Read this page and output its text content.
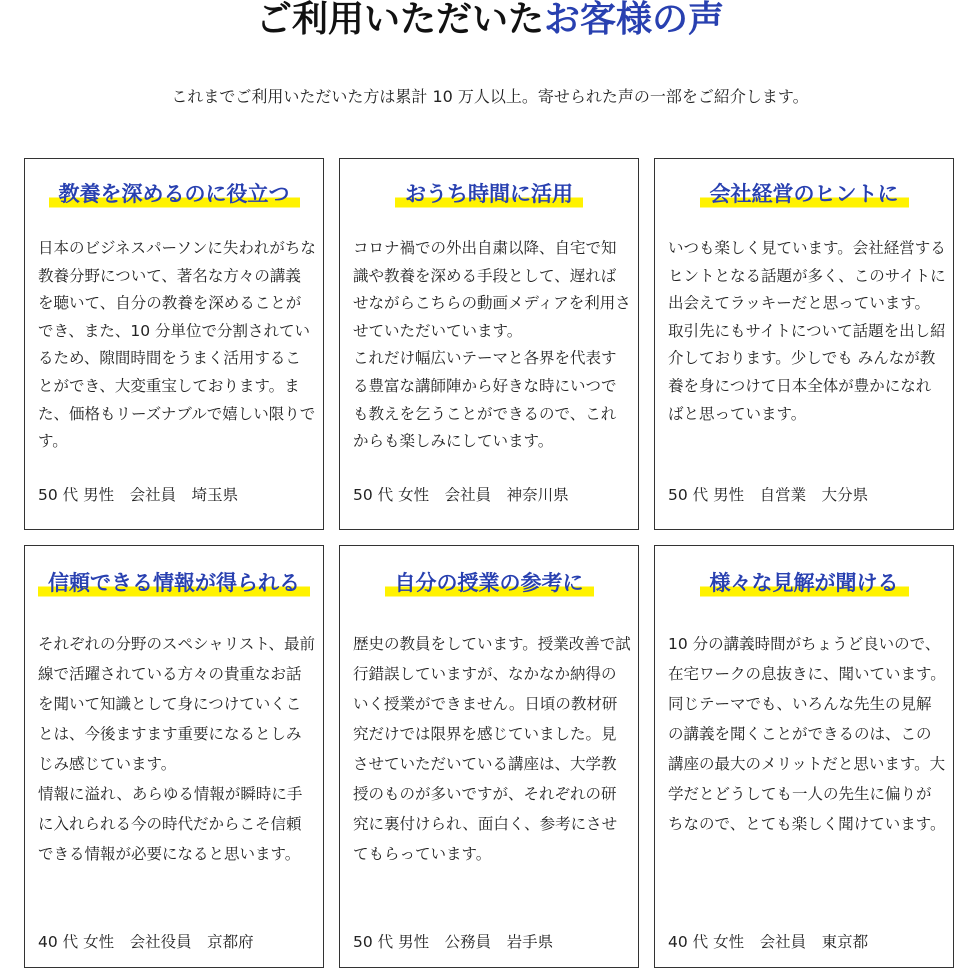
ご利用いただいたお客様の声

これまでご利用いただいた方は累計 10 万人以上。寄せられた声の一部をご紹介します。

教養を深めるのに役立つ

日本のビジネスパーソンに失われがちな教養分野について、著名な方々の講義を聴いて、自分の教養を深めることができ、また、10 分単位で分割されているため、隙間時間をうまく活用することができ、大変重宝しております。また、価格もリーズナブルで嬉しい限りです。

50 代 男性　会社員　埼玉県

おうち時間に活用

コロナ禍での外出自粛以降、自宅で知識や教養を深める手段として、遅ればせながらこちらの動画メディアを利用させていただいています。
これだけ幅広いテーマと各界を代表する豊富な講師陣から好きな時にいつでも教えを乞うことができるので、これからも楽しみにしています。

50 代 女性　会社員　神奈川県

会社経営のヒントに

いつも楽しく見ています。会社経営するヒントとなる話題が多く、このサイトに出会えてラッキーだと思っています。
取引先にもサイトについて話題を出し紹介しております。少しでも みんなが教養を身につけて日本全体が豊かになればと思っています。

50 代 男性　自営業　大分県

信頼できる情報が得られる

それぞれの分野のスペシャリスト、最前線で活躍されている方々の貴重なお話を聞いて知識として身につけていくことは、今後ますます重要になるとしみじみ感じています。
情報に溢れ、あらゆる情報が瞬時に手に入れられる今の時代だからこそ信頼できる情報が必要になると思います。

40 代 女性　会社役員　京都府

自分の授業の参考に

歴史の教員をしています。授業改善で試行錯誤していますが、なかなか納得のいく授業ができません。日頃の教材研究だけでは限界を感じていました。見させていただいている講座は、大学教授のものが多いですが、それぞれの研究に裏付けられ、面白く、参考にさせてもらっています。

50 代 男性　公務員　岩手県

様々な見解が聞ける

10 分の講義時間がちょうど良いので、在宅ワークの息抜きに、聞いています。同じテーマでも、いろんな先生の見解の講義を聞くことができるのは、この講座の最大のメリットだと思います。大学だとどうしても一人の先生に偏りがちなので、とても楽しく聞けています。

40 代 女性　会社員　東京都
